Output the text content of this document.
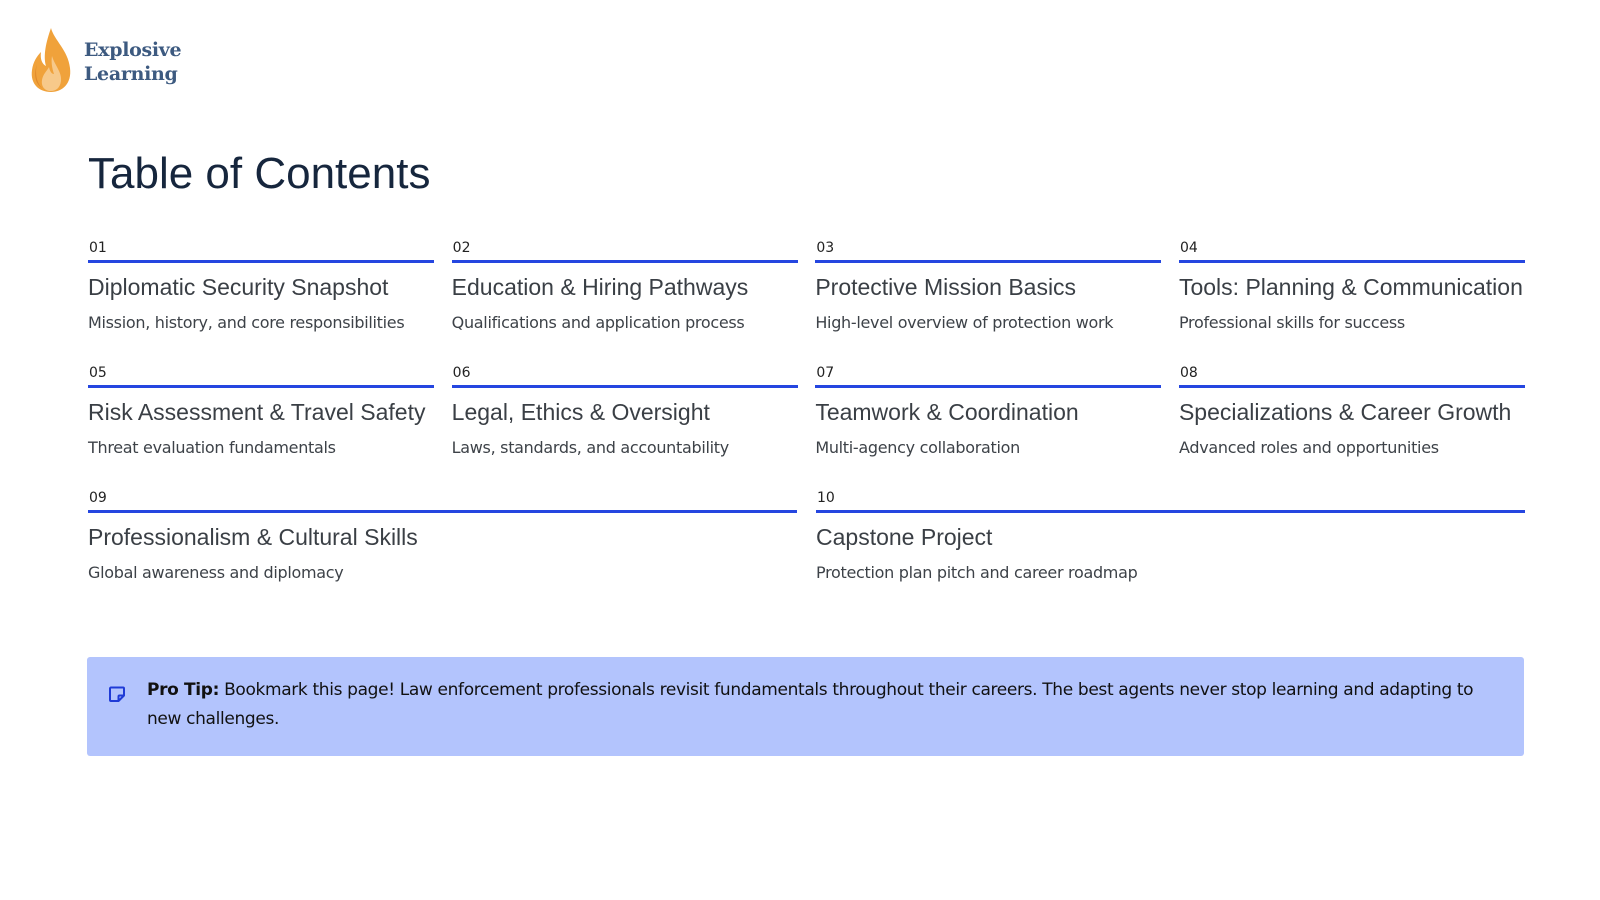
Explosive
Learning
Table of Contents
01
Diplomatic Security Snapshot
Mission, history, and core responsibilities
02
Education & Hiring Pathways
Qualifications and application process
03
Protective Mission Basics
High-level overview of protection work
04
Tools: Planning & Communication
Professional skills for success
05
Risk Assessment & Travel Safety
Threat evaluation fundamentals
06
Legal, Ethics & Oversight
Laws, standards, and accountability
07
Teamwork & Coordination
Multi-agency collaboration
08
Specializations & Career Growth
Advanced roles and opportunities
09
Professionalism & Cultural Skills
Global awareness and diplomacy
10
Capstone Project
Protection plan pitch and career roadmap
Pro Tip: Bookmark this page! Law enforcement professionals revisit fundamentals throughout their careers. The best agents never stop learning and adapting to new challenges.
